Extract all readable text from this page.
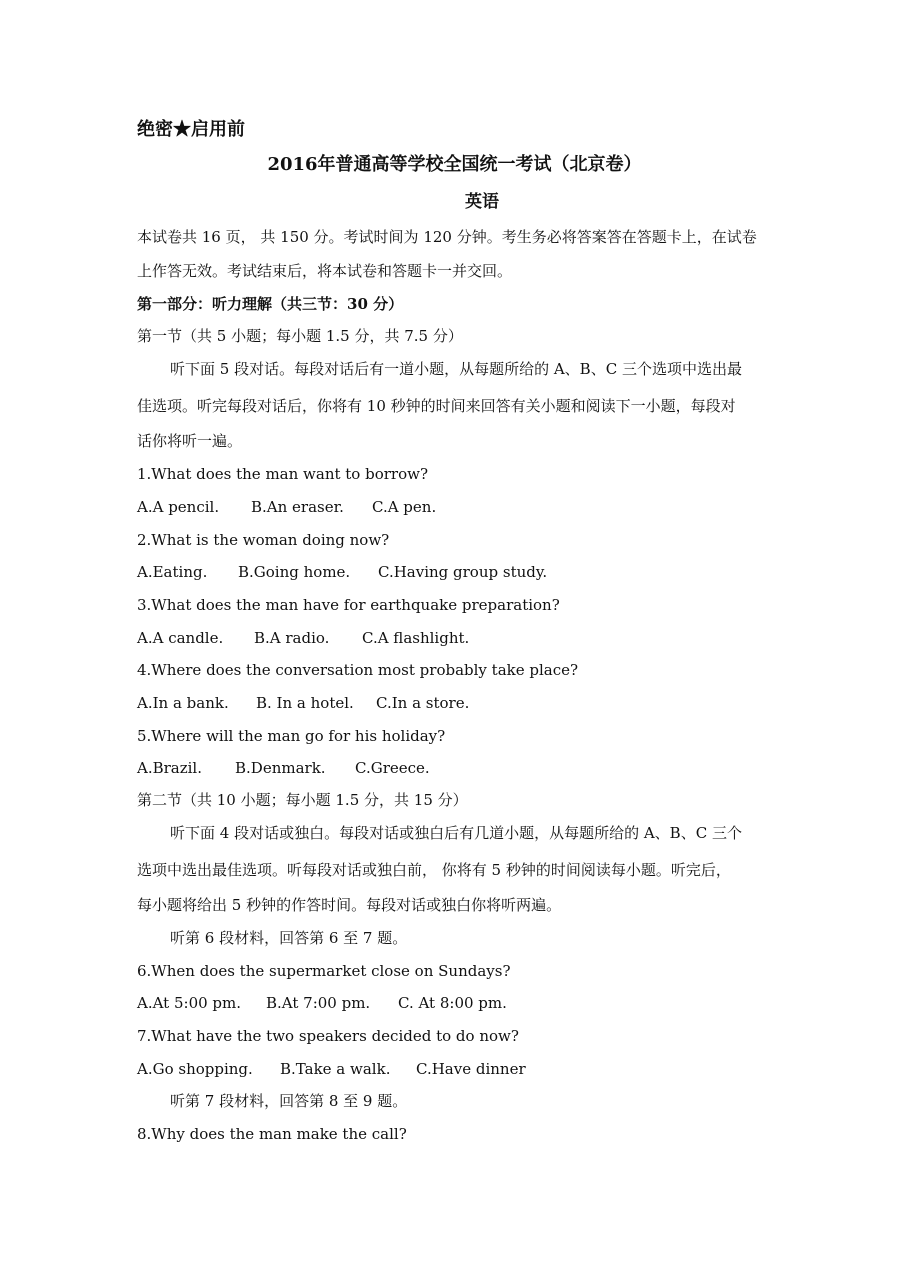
绝密★启用前
2016年普通高等学校全国统一考试（北京卷）
英语
本试卷共 16 页， 共 150 分。考试时间为 120 分钟。考生务必将答案答在答题卡上，在试卷
上作答无效。考试结束后，将本试卷和答题卡一并交回。
第一部分：听力理解（共三节：30 分）
第一节（共 5 小题；每小题 1.5 分，共 7.5 分）
听下面 5 段对话。每段对话后有一道小题，从每题所给的 A、B、C 三个选项中选出最
佳选项。听完每段对话后，你将有 10 秒钟的时间来回答有关小题和阅读下一小题，每段对
话你将听一遍。
1.What does the man want to borrow?
A.A pencil. B.An eraser. C.A pen.
2.What is the woman doing now?
A.Eating. B.Going home. C.Having group study.
3.What does the man have for earthquake preparation?
A.A candle. B.A radio. C.A flashlight.
4.Where does the conversation most probably take place?
A.In a bank. B. In a hotel. C.In a store.
5.Where will the man go for his holiday?
A.Brazil. B.Denmark. C.Greece.
第二节（共 10 小题；每小题 1.5 分，共 15 分）
听下面 4 段对话或独白。每段对话或独白后有几道小题，从每题所给的 A、B、C 三个
选项中选出最佳选项。听每段对话或独白前， 你将有 5 秒钟的时间阅读每小题。听完后，
每小题将给出 5 秒钟的作答时间。每段对话或独白你将听两遍。
听第 6 段材料，回答第 6 至 7 题。
6.When does the supermarket close on Sundays?
A.At 5:00 pm. B.At 7:00 pm. C. At 8:00 pm.
7.What have the two speakers decided to do now?
A.Go shopping. B.Take a walk. C.Have dinner
听第 7 段材料，回答第 8 至 9 题。
8.Why does the man make the call?
